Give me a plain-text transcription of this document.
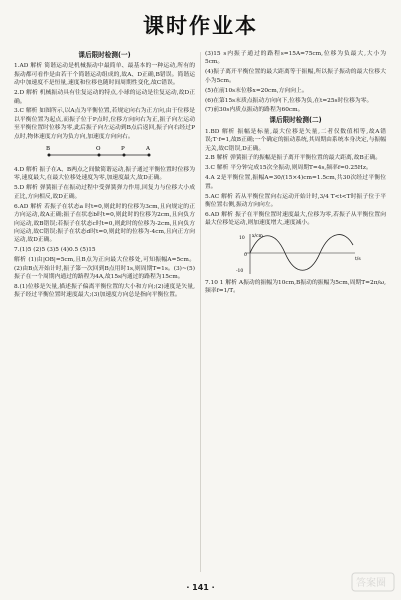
课时作业本
课后限时检测(一)
1.AD 解析 简谐运动是机械振动中最简单、最基本的一种运动,所有的振动都可看作是由若干个简谐运动组成的,故A、D正确,B错误。简谐运动中加速度不是恒量,速度和位移也随时间周期性变化,故C错误。
2.D 解析 机械振动具有往复运动的特点,小球的运动是往复运动,故D正确。
3.C 解析 如图所示,以A点为平衡位置,若规定向右为正方向,由于位移是以平衡位置为起点,而振子位于P点时,位移方向向右为正,振子向左运动至平衡位置时位移为零,此后振子向左运动到B点后返回,振子向右经过P点时,物体速度方向为负方向,加速度方向向右。
B	O	A
P
4.D 解析 振子在A、B两点之间做简谐运动,振子通过平衡位置时位移为零,速度最大,在最大位移处速度为零,加速度最大,故D正确。
5.D 解析 弹簧振子在振动过程中受弹簧弹力作用,回复力与位移大小成正比,方向相反,故D正确。
6.AD 解析 若振子在状态a 时t=0,则此时的位移为3cm,且向规定的正方向运动,故A正确;振子在状态b时t=0,则此时的位移为2cm,且向负方向运动,故B错误;若振子在状态c时t=0,则此时的位移为-2cm,且向负方向运动,故C错误;振子在状态d时t=0,则此时的位移为-4cm,且向正方向运动,故D正确。
7.(1)5 (2)5 (3)5 (4)0.5 (5)15
解析 (1)由|OB|=5cm,且B点为正向最大位移处,可知振幅A=5cm。(2)由B点开始计时,振子第一次回到B点用时1s,则周期T=1s。(3)~(5)振子在一个周期内通过的路程为4A,故15s内通过的路程为15cm。
8.(1)位移是矢量,描述振子偏离平衡位置的大小和方向;(2)速度是矢量,振子经过平衡位置时速度最大;(3)加速度方向总是指向平衡位置。
(3)15 s内振子通过的路程s=15A=75cm,位移为负最大,大小为5cm。
(4)振子离开平衡位置的最大距离等于振幅,所以振子振动的最大位移大小为5cm。
(5)在前10s末位移x=20cm,方向向上。
(6)在第15s末质点振动方向向下,位移为负,在t=25s时位移为零。
(7)前30s内质点振动的路程为60cm。
课后限时检测(二)
1.BD 解析 振幅是标量,最大位移是矢量,二者仅数值相等,故A错误;T·f=1,故B正确;一个确定的振动系统,其周期由系统本身决定,与振幅无关,故C错误,D正确。
2.B 解析 弹簧振子的振幅是振子离开平衡位置的最大距离,故B正确。
3.C 解析 平分钟完成15次全振动,则周期T=4s,频率f=0.25Hz。
4.A 2是平衡位置,振幅A=30/(15×4)cm=1.5cm,共30次经过平衡位置。
5.AC 解析 若从平衡位置向右运动开始计时,3/4 T<t<T时振子位于平衡位置右侧,振动方向向左。
6.AD 解析 振子在平衡位置时速度最大,位移为零,若振子从平衡位置向最大位移处运动,则加速度增大,速度减小。
x/cm
t/s
10
0
-10
7.10 1 解析 A振动的振幅为10cm,B振动的振幅为5cm,周期T=2π/ω,频率f=1/T。
· 141 ·	答案圈
